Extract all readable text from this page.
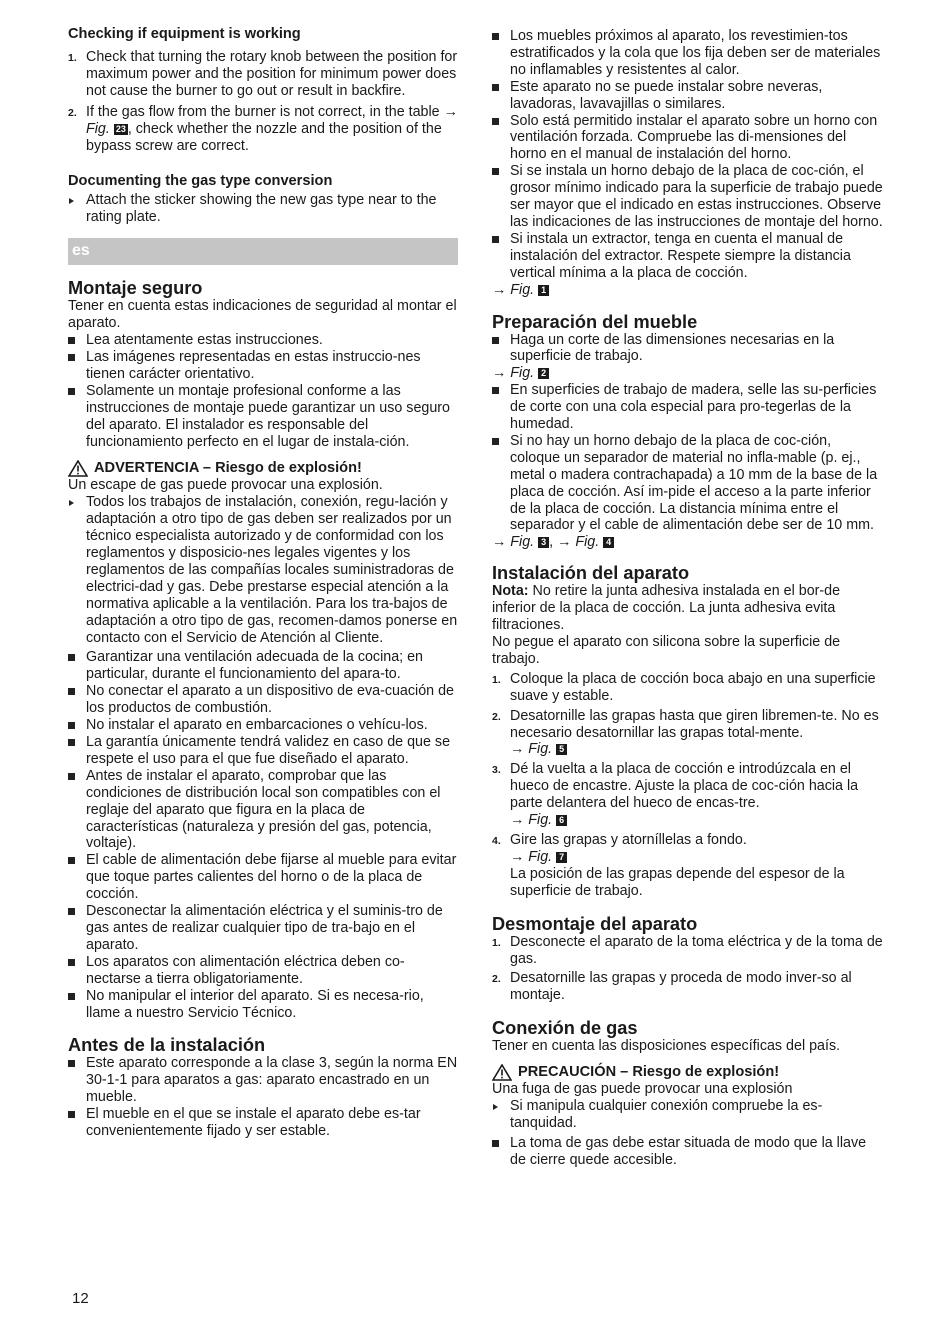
Checking if equipment is working

1. Check that turning the rotary knob between the position for maximum power and the position for minimum power does not cause the burner to go out or result in backfire.
2. If the gas flow from the burner is not correct, in the table → Fig. 23 , check whether the nozzle and the position of the bypass screw are correct.

Documenting the gas type conversion

Attach the sticker showing the new gas type near to the rating plate.
es

Montaje seguro

Tener en cuenta estas indicaciones de seguridad al montar el aparato.

Lea atentamente estas instrucciones.
Las imágenes representadas en estas instruccio-nes tienen carácter orientativo.
Solamente un montaje profesional conforme a las instrucciones de montaje puede garantizar un uso seguro del aparato. El instalador es responsable del funcionamiento perfecto en el lugar de instala-ción.
ADVERTENCIA – Riesgo de explosión!

Un escape de gas puede provocar una explosión.

Todos los trabajos de instalación, conexión, regu-lación y adaptación a otro tipo de gas deben ser realizados por un técnico especialista autorizado y de conformidad con los reglamentos y disposicio-nes legales vigentes y los reglamentos de las compañías locales suministradoras de electrici-dad y gas. Debe prestarse especial atención a la normativa aplicable a la ventilación. Para los tra-bajos de adaptación a otro tipo de gas, recomen-damos ponerse en contacto con el Servicio de Atención al Cliente.
Garantizar una ventilación adecuada de la cocina; en particular, durante el funcionamiento del apara-to.
No conectar el aparato a un dispositivo de eva-cuación de los productos de combustión.
No instalar el aparato en embarcaciones o vehícu-los.
La garantía únicamente tendrá validez en caso de que se respete el uso para el que fue diseñado el aparato.
Antes de instalar el aparato, comprobar que las condiciones de distribución local son compatibles con el reglaje del aparato que figura en la placa de características (naturaleza y presión del gas, potencia, voltaje).
El cable de alimentación debe fijarse al mueble para evitar que toque partes calientes del horno o de la placa de cocción.
Desconectar la alimentación eléctrica y el suminis-tro de gas antes de realizar cualquier tipo de tra-bajo en el aparato.
Los aparatos con alimentación eléctrica deben co-nectarse a tierra obligatoriamente.
No manipular el interior del aparato. Si es necesa-rio, llame a nuestro Servicio Técnico.

Antes de la instalación

Este aparato corresponde a la clase 3, según la norma EN 30-1-1 para aparatos a gas: aparato encastrado en un mueble.
El mueble en el que se instale el aparato debe es-tar convenientemente fijado y ser estable.
Los muebles próximos al aparato, los revestimien-tos estratificados y la cola que los fija deben ser de materiales no inflamables y resistentes al calor.
Este aparato no se puede instalar sobre neveras, lavadoras, lavavajillas o similares.
Solo está permitido instalar el aparato sobre un horno con ventilación forzada. Compruebe las di-mensiones del horno en el manual de instalación del horno.
Si se instala un horno debajo de la placa de coc-ción, el grosor mínimo indicado para la superficie de trabajo puede ser mayor que el indicado en estas instrucciones. Observe las indicaciones de las instrucciones de montaje del horno.
Si instala un extractor, tenga en cuenta el manual de instalación del extractor. Respete siempre la distancia vertical mínima a la placa de cocción.

→ Fig. 1

Preparación del mueble

Haga un corte de las dimensiones necesarias en la superficie de trabajo.

→ Fig. 2

En superficies de trabajo de madera, selle las su-perficies de corte con una cola especial para pro-tegerlas de la humedad.
Si no hay un horno debajo de la placa de coc-ción, coloque un separador de material no infla-mable (p. ej., metal o madera contrachapada) a 10 mm de la base de la placa de cocción. Así im-pide el acceso a la parte inferior de la placa de cocción. La distancia mínima entre el separador y el cable de alimentación debe ser de 10 mm.

→ Fig. 3 , → Fig. 4

Instalación del aparato

Nota: No retire la junta adhesiva instalada en el bor-de inferior de la placa de cocción. La junta adhesiva evita filtraciones.

No pegue el aparato con silicona sobre la superficie de trabajo.

1. Coloque la placa de cocción boca abajo en una superficie suave y estable.
2. Desatornille las grapas hasta que giren libremen-te. No es necesario desatornillar las grapas total-mente.
→ Fig. 5
3. Dé la vuelta a la placa de cocción e introdúzcala en el hueco de encastre. Ajuste la placa de coc-ción hacia la parte delantera del hueco de encas-tre.
→ Fig. 6
4. Gire las grapas y atorníllelas a fondo.
→ Fig. 7
La posición de las grapas depende del espesor de la superficie de trabajo.

Desmontaje del aparato

1. Desconecte el aparato de la toma eléctrica y de la toma de gas.
2. Desatornille las grapas y proceda de modo inver-so al montaje.

Conexión de gas

Tener en cuenta las disposiciones específicas del país.

PRECAUCIÓN – Riesgo de explosión!

Una fuga de gas puede provocar una explosión

Si manipula cualquier conexión compruebe la es-tanquidad.
La toma de gas debe estar situada de modo que la llave de cierre quede accesible.
12
